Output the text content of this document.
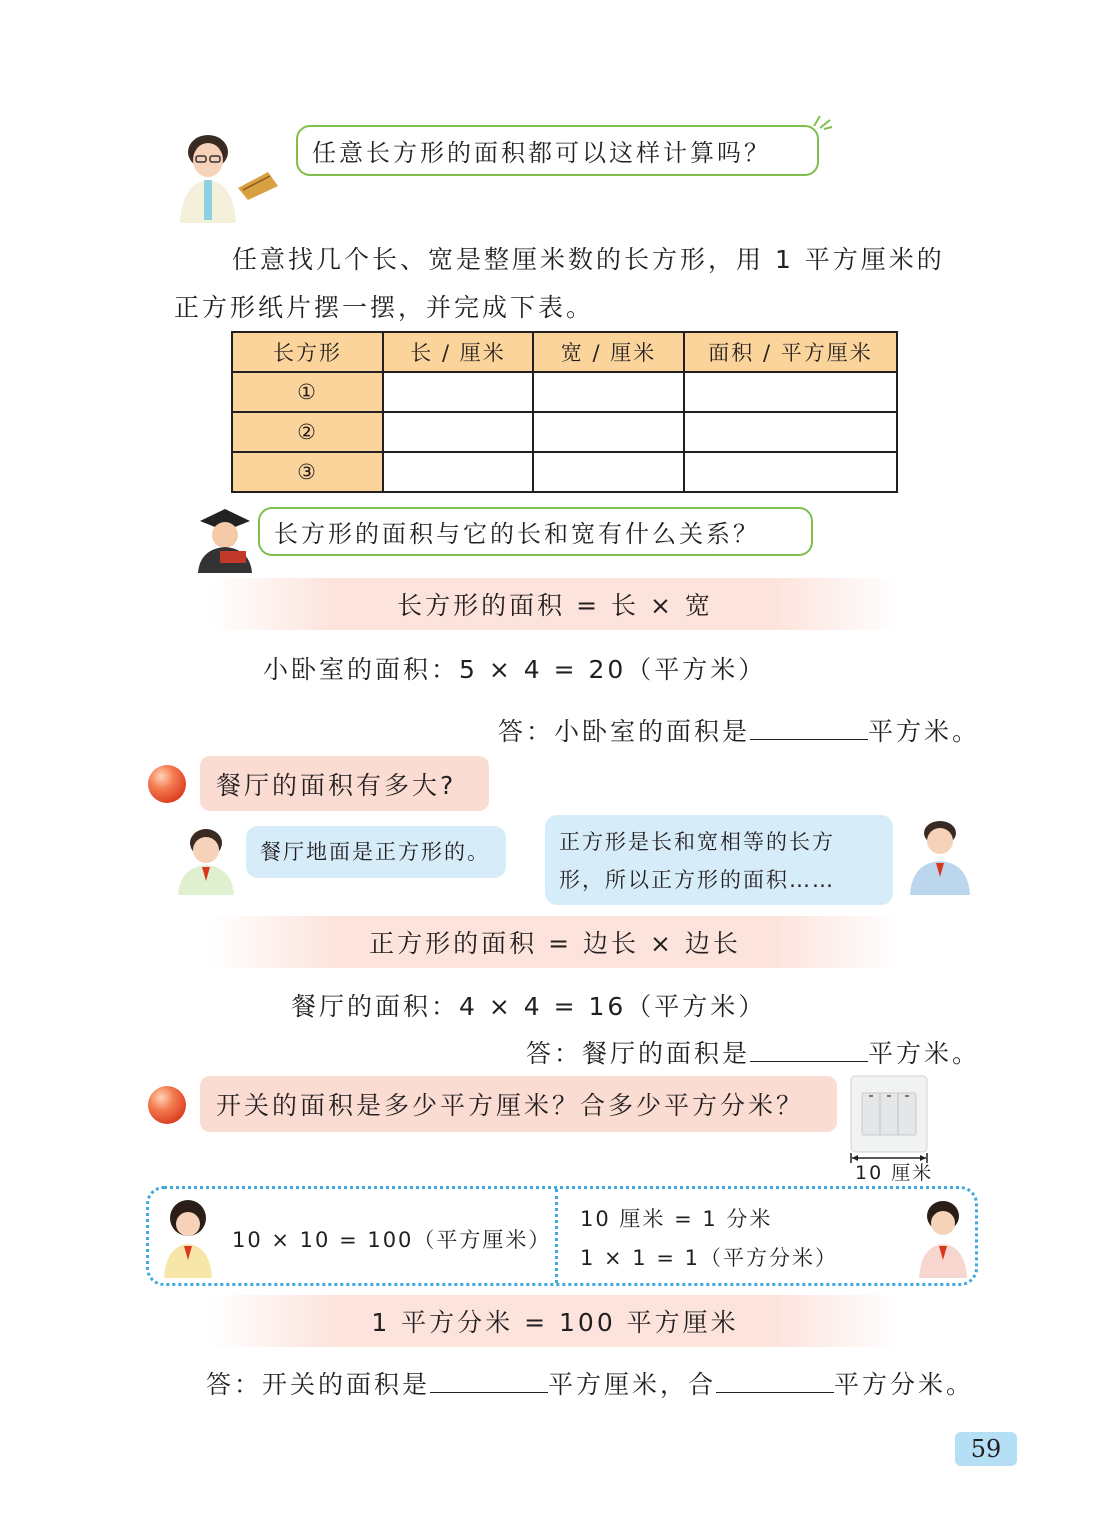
任意长方形的面积都可以这样计算吗？
任意找几个长、宽是整厘米数的长方形，用 1 平方厘米的
正方形纸片摆一摆，并完成下表。
长方形	长 / 厘米	宽 / 厘米	面积 / 平方厘米
①			
②			
③			
长方形的面积与它的长和宽有什么关系？
长方形的面积 = 长 × 宽
小卧室的面积：5 × 4 = 20（平方米）
答：小卧室的面积是	平方米。
餐厅的面积有多大?
餐厅地面是正方形的。	正方形是长和宽相等的长方形，所以正方形的面积……
正方形的面积 = 边长 × 边长
餐厅的面积：4 × 4 = 16（平方米）
答：餐厅的面积是	平方米。
开关的面积是多少平方厘米？合多少平方分米？
10 厘米
10 × 10 = 100（平方厘米）
10 厘米 = 1 分米
1 × 1 = 1（平方分米）
1 平方分米 = 100 平方厘米
答：开关的面积是	平方厘米，合	平方分米。
59
